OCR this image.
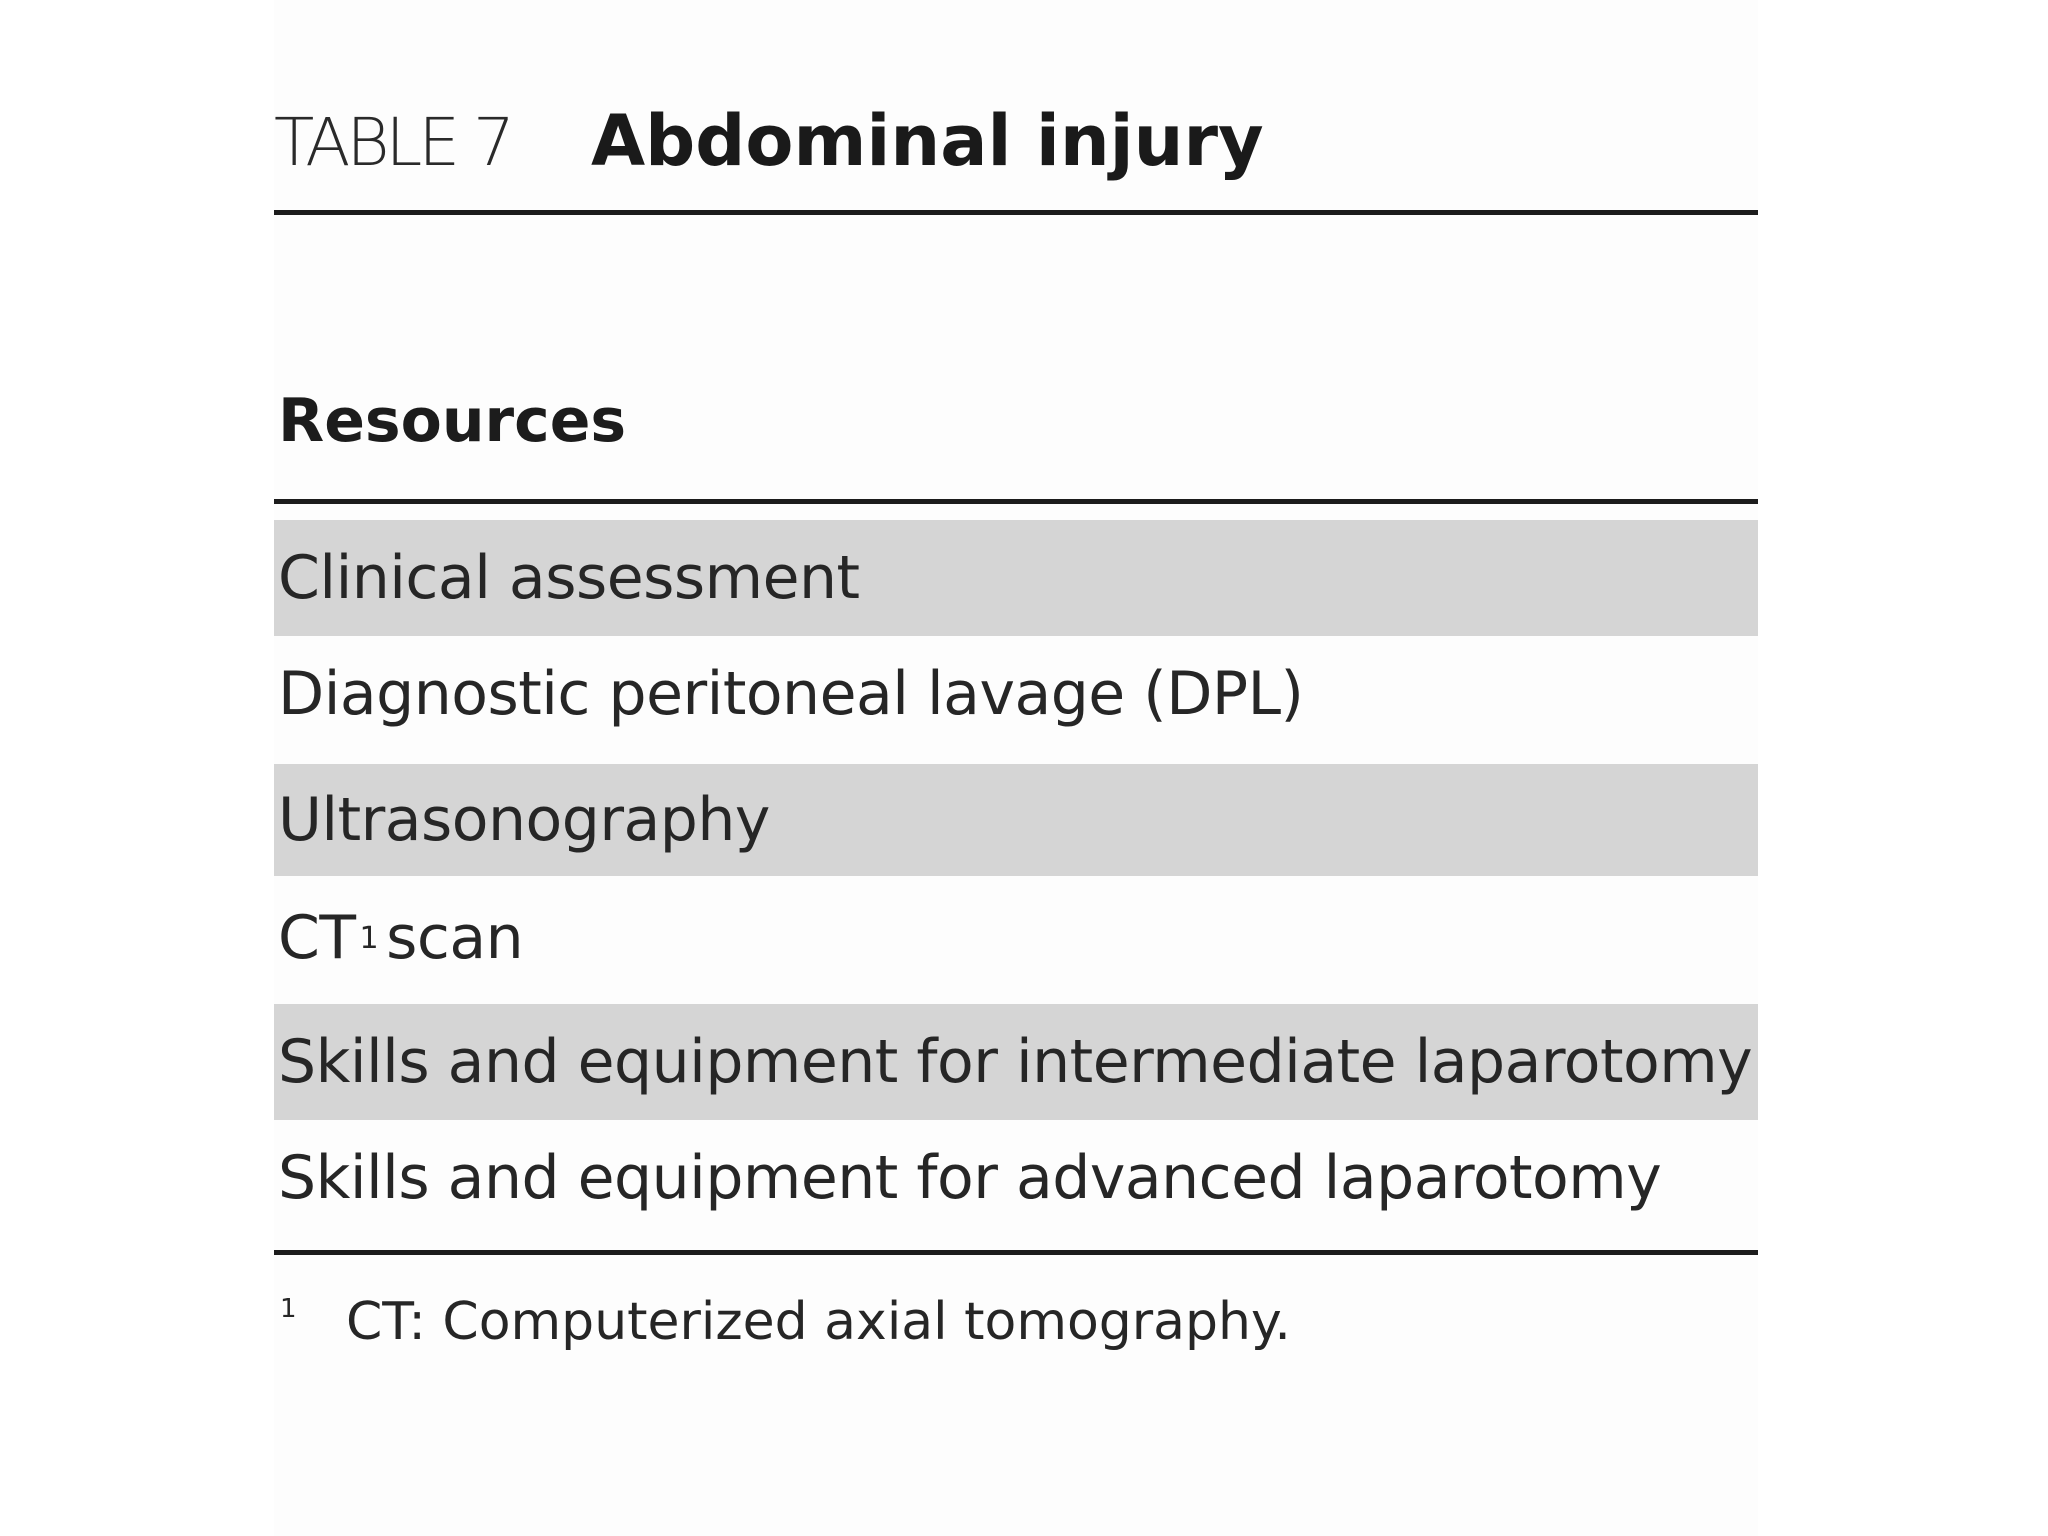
TABLE 7 Abdominal injury
Resources
Clinical assessment
Diagnostic peritoneal lavage (DPL)
Ultrasonography
CT 1 scan
Skills and equipment for intermediate laparotomy
Skills and equipment for advanced laparotomy
1 CT: Computerized axial tomography.
